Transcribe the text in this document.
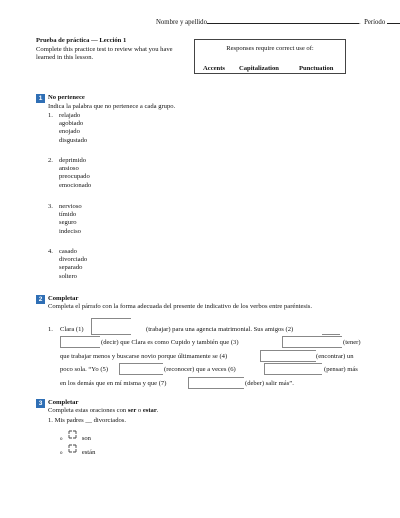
Nombre y apellido	.  Período
Prueba de práctica — Lección 1
Complete this practice test to review what you have learned in this lesson.
Responses require correct use of:
Accents Capitalization	Punctuation
1 No pertenece
Indica la palabra que no pertenece a cada grupo.
1. relajado
agobiado
enojado
disgustado
2. deprimido
ansioso
preocupado
emocionado
3. nervioso
tímido
seguro
indeciso
4. casado
divorciado
separado
soltero
2 Completar
Completa el párrafo con la forma adecuada del presente de indicativo de los verbos entre paréntesis.
1. Clara (1)	(trabajar) para una agencia matrimonial. Sus amigos (2)
(decir) que Clara es como Cupido y también que (3)	(tener)
que trabajar menos y buscarse novio porque últimamente se (4)	(encontrar) un
poco sola. “Yo (5)	(reconocer) que a veces (6)	(pensar) más
en los demás que en mí misma y que (7)	(deber) salir más”.
3 Completar
Completa estas oraciones con ser o estar.
1. Mis padres __ divorciados.
o	son
o	están
